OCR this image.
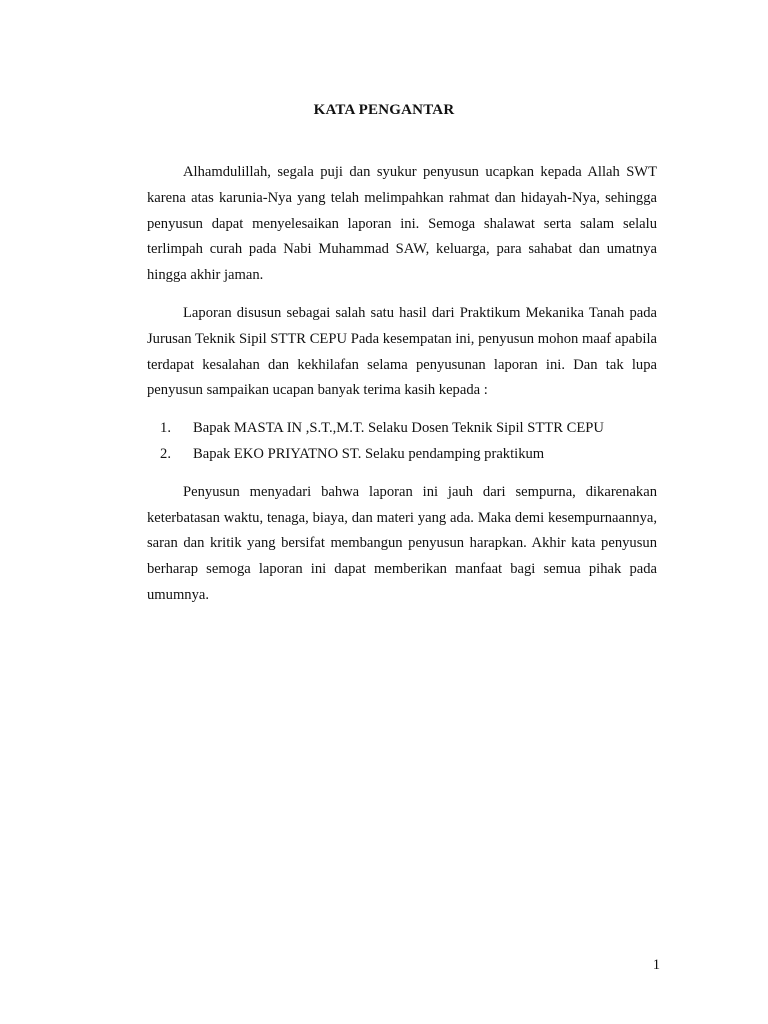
KATA PENGANTAR

Alhamdulillah, segala puji dan syukur penyusun ucapkan kepada Allah SWT karena atas karunia-Nya yang telah melimpahkan rahmat dan hidayah-Nya, sehingga penyusun dapat menyelesaikan laporan ini. Semoga shalawat serta salam selalu terlimpah curah pada Nabi Muhammad SAW, keluarga, para sahabat dan umatnya hingga akhir jaman.

Laporan disusun sebagai salah satu hasil dari Praktikum Mekanika Tanah pada Jurusan Teknik Sipil STTR CEPU Pada kesempatan ini, penyusun mohon maaf apabila terdapat kesalahan dan kekhilafan selama penyusunan laporan ini. Dan tak lupa penyusun sampaikan ucapan banyak terima kasih kepada :

1. Bapak MASTA IN ,S.T.,M.T. Selaku Dosen Teknik Sipil STTR CEPU
2. Bapak EKO PRIYATNO ST. Selaku pendamping praktikum

Penyusun menyadari bahwa laporan ini jauh dari sempurna, dikarenakan keterbatasan waktu, tenaga, biaya, dan materi yang ada. Maka demi kesempurnaannya, saran dan kritik yang bersifat membangun penyusun harapkan. Akhir kata penyusun berharap semoga laporan ini dapat memberikan manfaat bagi semua pihak pada umumnya.

1
